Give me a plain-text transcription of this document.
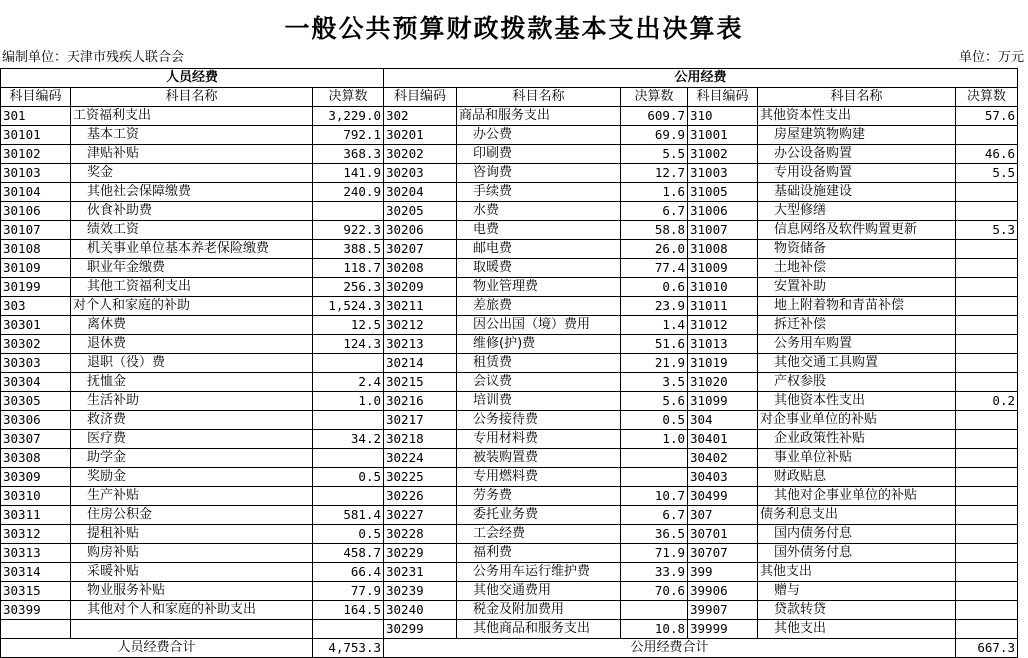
一般公共预算财政拨款基本支出决算表
编制单位：天津市残疾人联合会	单位：万元
人员经费			公用经费					
科目编码	科目名称	决算数	科目编码	科目名称	决算数	科目编码	科目名称	决算数
301	工资福利支出	3,229.0	302	商品和服务支出	609.7	310	其他资本性支出	57.6
30101	基本工资	792.1	30201	办公费	69.9	31001	房屋建筑物购建	
30102	津贴补贴	368.3	30202	印刷费	5.5	31002	办公设备购置	46.6
30103	奖金	141.9	30203	咨询费	12.7	31003	专用设备购置	5.5
30104	其他社会保障缴费	240.9	30204	手续费	1.6	31005	基础设施建设	
30106	伙食补助费		30205	水费	6.7	31006	大型修缮	
30107	绩效工资	922.3	30206	电费	58.8	31007	信息网络及软件购置更新	5.3
30108	机关事业单位基本养老保险缴费	388.5	30207	邮电费	26.0	31008	物资储备	
30109	职业年金缴费	118.7	30208	取暖费	77.4	31009	土地补偿	
30199	其他工资福利支出	256.3	30209	物业管理费	0.6	31010	安置补助	
303	对个人和家庭的补助	1,524.3	30211	差旅费	23.9	31011	地上附着物和青苗补偿	
30301	离休费	12.5	30212	因公出国（境）费用	1.4	31012	拆迁补偿	
30302	退休费	124.3	30213	维修(护)费	51.6	31013	公务用车购置	
30303	退职（役）费		30214	租赁费	21.9	31019	其他交通工具购置	
30304	抚恤金	2.4	30215	会议费	3.5	31020	产权参股	
30305	生活补助	1.0	30216	培训费	5.6	31099	其他资本性支出	0.2
30306	救济费		30217	公务接待费	0.5	304	对企事业单位的补贴	
30307	医疗费	34.2	30218	专用材料费	1.0	30401	企业政策性补贴	
30308	助学金		30224	被装购置费		30402	事业单位补贴	
30309	奖励金	0.5	30225	专用燃料费		30403	财政贴息	
30310	生产补贴		30226	劳务费	10.7	30499	其他对企事业单位的补贴	
30311	住房公积金	581.4	30227	委托业务费	6.7	307	债务利息支出	
30312	提租补贴	0.5	30228	工会经费	36.5	30701	国内债务付息	
30313	购房补贴	458.7	30229	福利费	71.9	30707	国外债务付息	
30314	采暖补贴	66.4	30231	公务用车运行维护费	33.9	399	其他支出	
30315	物业服务补贴	77.9	30239	其他交通费用	70.6	39906	赠与	
30399	其他对个人和家庭的补助支出	164.5	30240	税金及附加费用		39907	贷款转贷	
			30299	其他商品和服务支出	10.8	39999	其他支出	
人员经费合计		4,753.3	公用经费合计					667.3
